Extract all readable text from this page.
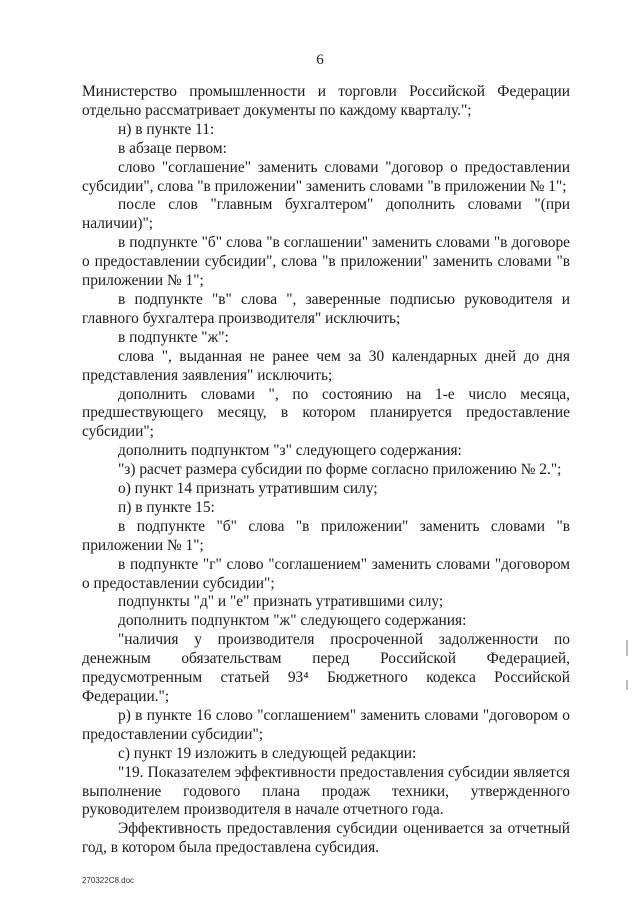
6

Министерство промышленности и торговли Российской Федерации отдельно рассматривает документы по каждому кварталу.";

н) в пункте 11:

в абзаце первом:

слово "соглашение" заменить словами "договор о предоставлении субсидии", слова "в приложении" заменить словами "в приложении № 1";

после слов "главным бухгалтером" дополнить словами "(при наличии)";

в подпункте "б" слова "в соглашении" заменить словами "в договоре о предоставлении субсидии", слова "в приложении" заменить словами "в приложении № 1";

в подпункте "в" слова ", заверенные подписью руководителя и главного бухгалтера производителя" исключить;

в подпункте "ж":

слова ", выданная не ранее чем за 30 календарных дней до дня представления заявления" исключить;

дополнить словами ", по состоянию на 1-е число месяца, предшествующего месяцу, в котором планируется предоставление субсидии";

дополнить подпунктом "з" следующего содержания:

"з) расчет размера субсидии по форме согласно приложению № 2.";

о) пункт 14 признать утратившим силу;

п) в пункте 15:

в подпункте "б" слова "в приложении" заменить словами "в приложении № 1";

в подпункте "г" слово "соглашением" заменить словами "договором о предоставлении субсидии";

подпункты "д" и "е" признать утратившими силу;

дополнить подпунктом "ж" следующего содержания:

"наличия у производителя просроченной задолженности по денежным обязательствам перед Российской Федерацией, предусмотренным статьей 93⁴ Бюджетного кодекса Российской Федерации.";

р) в пункте 16 слово "соглашением" заменить словами "договором о предоставлении субсидии";

с) пункт 19 изложить в следующей редакции:

"19. Показателем эффективности предоставления субсидии является выполнение годового плана продаж техники, утвержденного руководителем производителя в начале отчетного года.

Эффективность предоставления субсидии оценивается за отчетный год, в котором была предоставлена субсидия.

270322C8.doc
